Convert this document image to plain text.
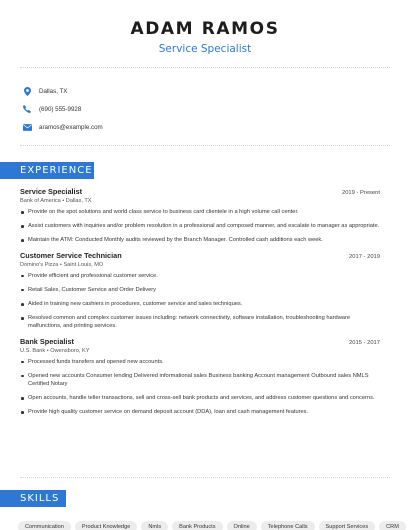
ADAM RAMOS
Service Specialist
Dallas, TX
(690) 555-9928
aramos@example.com
EXPERIENCE
Service Specialist	2019 - Present
Bank of America • Dallas, TX
Provide on the spot solutions and world class service to business card clientele in a high volume call center.
Assist customers with inquiries and/or problem resolution in a professional and composed manner, and escalate to manager as appropriate.
Maintain the ATM: Conducted Monthly audits reviewed by the Branch Manager. Controlled cash additions each week.
Customer Service Technician	2017 - 2019
Domino's Pizza • Saint Louis, MO
Provide efficient and professional customer service.
Retail Sales, Customer Service and Order Delivery
Aided in training new cashiers in procedures, customer service and sales techniques.
Resolved common and complex customer issues including: network connectivity, software installation, troubleshooting hardware malfunctions, and printing services.
Bank Specialist	2015 - 2017
U.S. Bank • Owensboro, KY
Processed funds transfers and opened new accounts.
Opened new accounts Consumer lending Delivered informational sales Business banking Account management Outbound sales NMLS Certified Notary
Open accounts, handle teller transactions, sell and cross-sell bank products and services, and address customer questions and concerns.
Provide high quality customer service on demand deposit account (DDA), loan and cash management features.
SKILLS
Communication	Product Knowledge	Nmls	Bank Products	Online	Telephone Calls	Support Services	CRM
